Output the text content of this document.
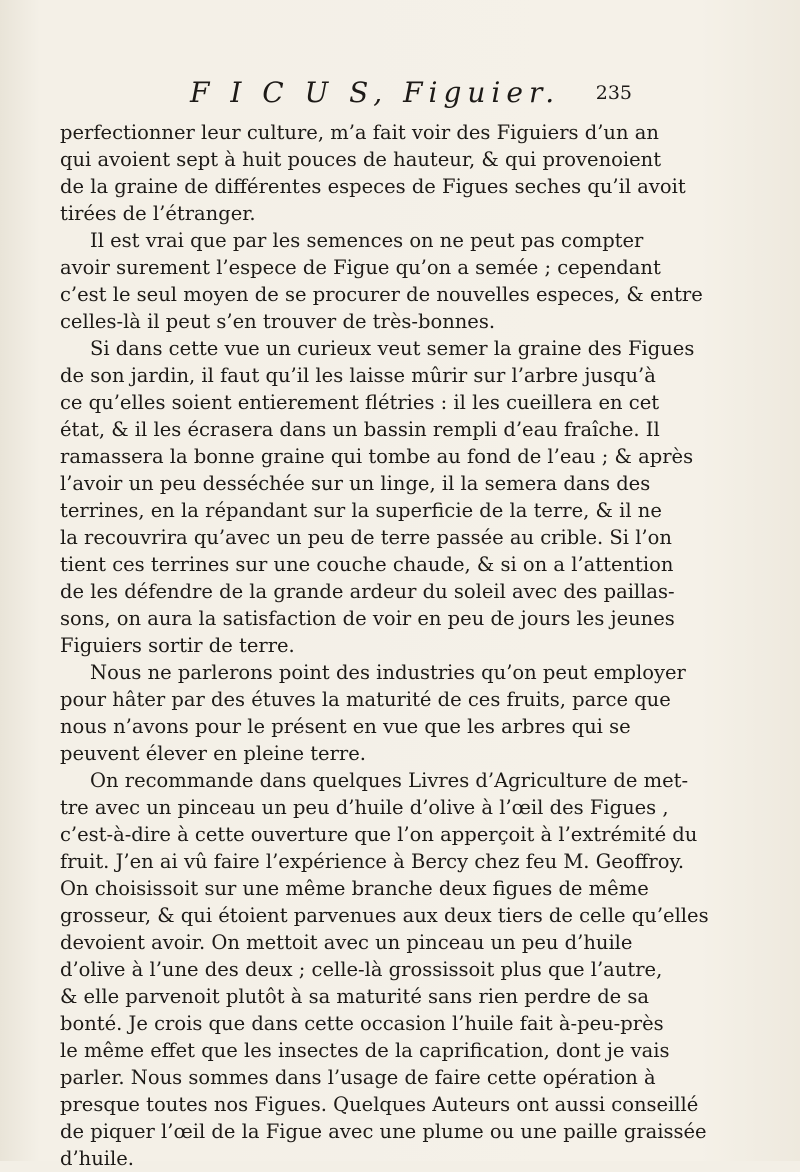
F I C U S, Figuier. 235
perfectionner leur culture, m’a fait voir des Figuiers d’un an
qui avoient sept à huit pouces de hauteur, & qui provenoient
de la graine de différentes especes de Figues seches qu’il avoit
tirées de l’étranger.
Il est vrai que par les semences on ne peut pas compter
avoir surement l’espece de Figue qu’on a semée ; cependant
c’est le seul moyen de se procurer de nouvelles especes, & entre
celles-là il peut s’en trouver de très-bonnes.
Si dans cette vue un curieux veut semer la graine des Figues
de son jardin, il faut qu’il les laisse mûrir sur l’arbre jusqu’à
ce qu’elles soient entierement flétries : il les cueillera en cet
état, & il les écrasera dans un bassin rempli d’eau fraîche. Il
ramassera la bonne graine qui tombe au fond de l’eau ; & après
l’avoir un peu desséchée sur un linge, il la semera dans des
terrines, en la répandant sur la superficie de la terre, & il ne
la recouvrira qu’avec un peu de terre passée au crible. Si l’on
tient ces terrines sur une couche chaude, & si on a l’attention
de les défendre de la grande ardeur du soleil avec des paillas-
sons, on aura la satisfaction de voir en peu de jours les jeunes
Figuiers sortir de terre.
Nous ne parlerons point des industries qu’on peut employer
pour hâter par des étuves la maturité de ces fruits, parce que
nous n’avons pour le présent en vue que les arbres qui se
peuvent élever en pleine terre.
On recommande dans quelques Livres d’Agriculture de met-
tre avec un pinceau un peu d’huile d’olive à l’œil des Figues ,
c’est-à-dire à cette ouverture que l’on apperçoit à l’extrémité du
fruit. J’en ai vû faire l’expérience à Bercy chez feu M. Geoffroy.
On choisissoit sur une même branche deux figues de même
grosseur, & qui étoient parvenues aux deux tiers de celle qu’elles
devoient avoir. On mettoit avec un pinceau un peu d’huile
d’olive à l’une des deux ; celle-là grossissoit plus que l’autre,
& elle parvenoit plutôt à sa maturité sans rien perdre de sa
bonté. Je crois que dans cette occasion l’huile fait à-peu-près
le même effet que les insectes de la caprification, dont je vais
parler. Nous sommes dans l’usage de faire cette opération à
presque toutes nos Figues. Quelques Auteurs ont aussi conseillé
de piquer l’œil de la Figue avec une plume ou une paille graissée
d’huile.
